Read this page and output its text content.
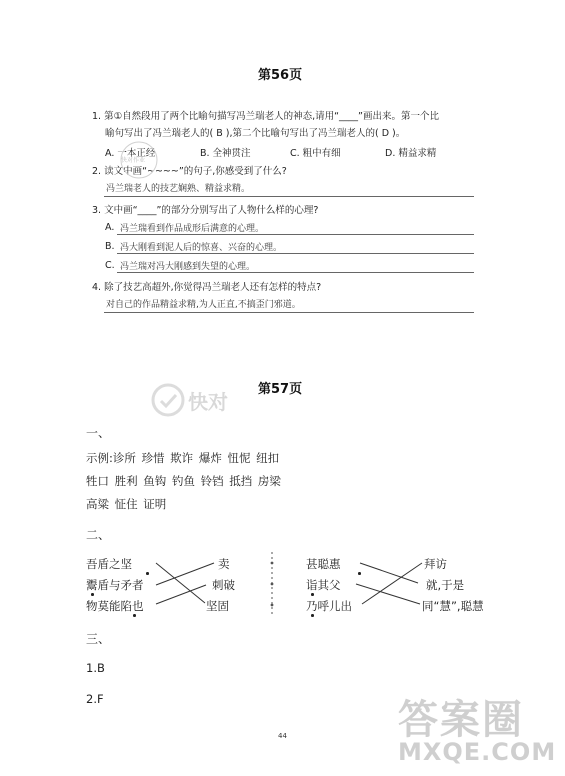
第56页
1. 第①自然段用了两个比喻句描写冯兰瑞老人的神态,请用“____”画出来。第一个比
喻句写出了冯兰瑞老人的( B ),第二个比喻句写出了冯兰瑞老人的( D )。
A. 一本正经	B. 全神贯注	C. 粗中有细	D. 精益求精
2. 读文中画“~~~~”的句子,你感受到了什么?
冯兰瑞老人的技艺娴熟、精益求精。
3. 文中画“____”的部分分别写出了人物什么样的心理?
A. 冯兰瑞看到作品成形后满意的心理。
B. 冯大刚看到泥人后的惊喜、兴奋的心理。
C. 冯兰瑞对冯大刚感到失望的心理。
4. 除了技艺高超外,你觉得冯兰瑞老人还有怎样的特点?
对自己的作品精益求精,为人正直,不搞歪门邪道。
快对
快对作业
第57页
一、
示例:诊所 珍惜 欺诈 爆炸 忸怩 纽扣
牲口 胜利 鱼钩 钓鱼 铃铛 抵挡 房梁
高粱 怔住 证明
二、
吾盾之坚
鬻盾与矛者
物莫能陷也
卖
刺破
坚固
甚聪惠
诣其父
乃呼儿出
拜访
就,于是
同“慧”,聪慧
三、
1.B
2.F
44	答案圈
MXQE.COM
